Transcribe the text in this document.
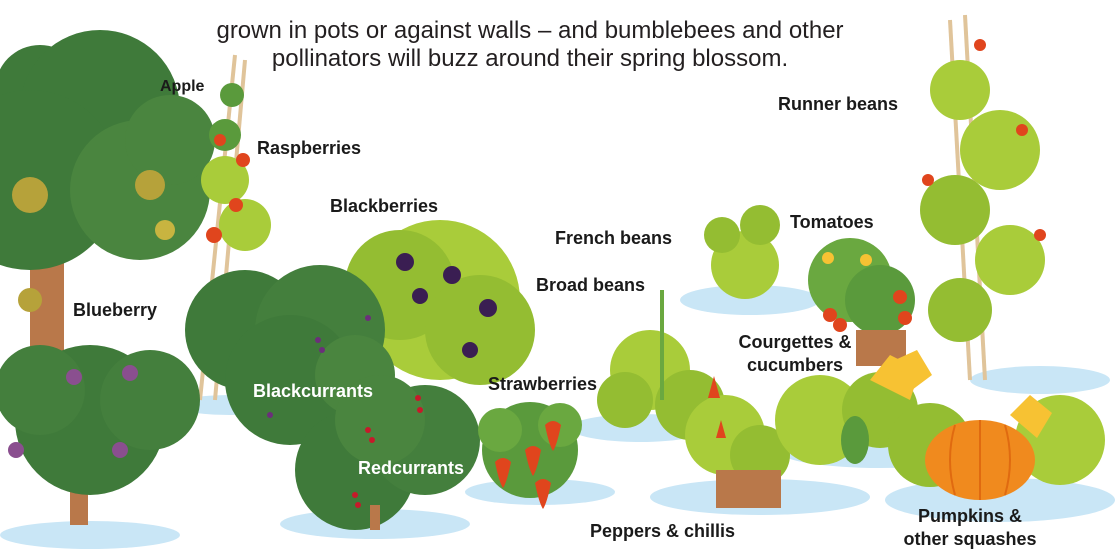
grown in pots or against walls – and bumblebees and other

pollinators will buzz around their spring blossom.

Apple

Raspberries

Blackberries

Blueberry

Blackcurrants

Redcurrants

Strawberries

French beans

Broad beans

Tomatoes

Runner beans

Courgettes &

cucumbers

Peppers & chillis

Pumpkins &

other squashes
